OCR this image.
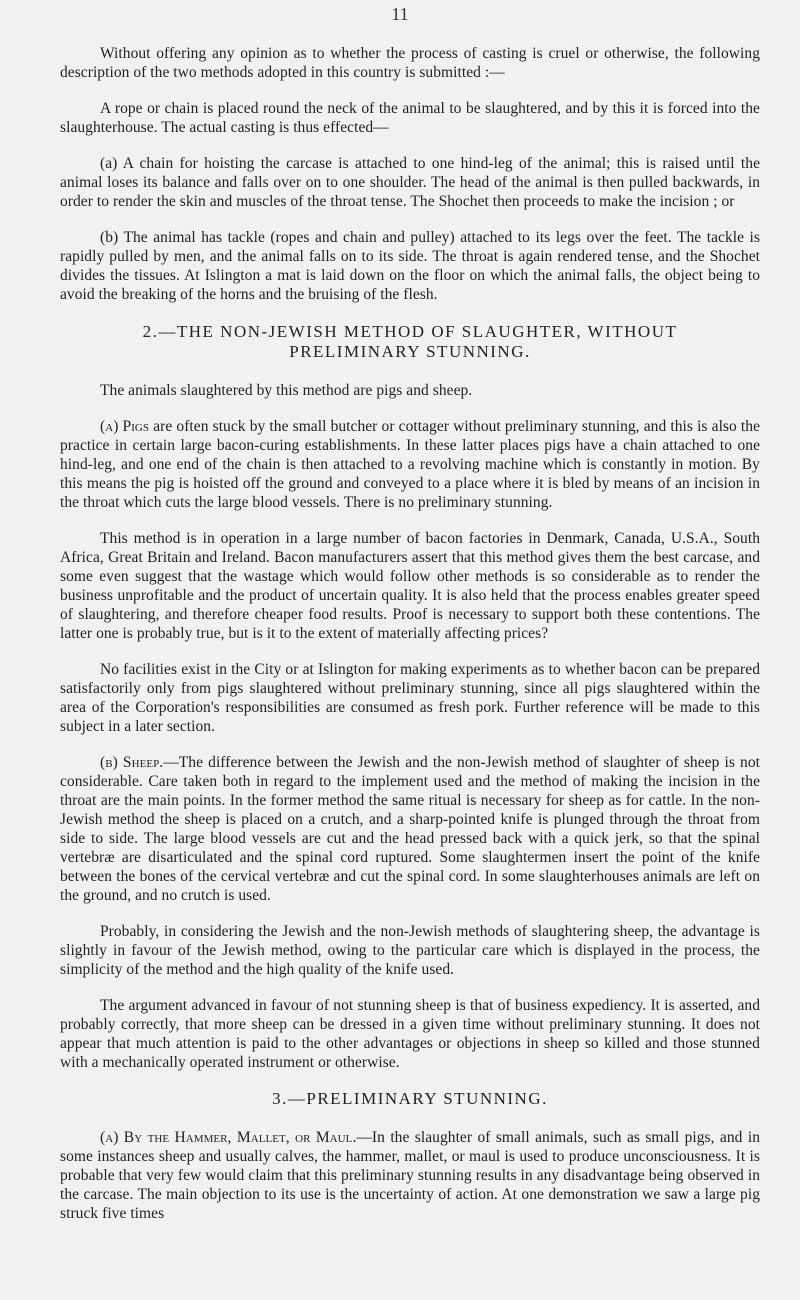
11

Without offering any opinion as to whether the process of casting is cruel or otherwise, the following description of the two methods adopted in this country is submitted :—

A rope or chain is placed round the neck of the animal to be slaughtered, and by this it is forced into the slaughterhouse. The actual casting is thus effected—

(a) A chain for hoisting the carcase is attached to one hind-leg of the animal; this is raised until the animal loses its balance and falls over on to one shoulder. The head of the animal is then pulled backwards, in order to render the skin and muscles of the throat tense. The Shochet then proceeds to make the incision ; or

(b) The animal has tackle (ropes and chain and pulley) attached to its legs over the feet. The tackle is rapidly pulled by men, and the animal falls on to its side. The throat is again rendered tense, and the Shochet divides the tissues. At Islington a mat is laid down on the floor on which the animal falls, the object being to avoid the breaking of the horns and the bruising of the flesh.

2.—THE NON-JEWISH METHOD OF SLAUGHTER, WITHOUT PRELIMINARY STUNNING.

The animals slaughtered by this method are pigs and sheep.

(a) Pigs are often stuck by the small butcher or cottager without preliminary stunning, and this is also the practice in certain large bacon-curing establishments. In these latter places pigs have a chain attached to one hind-leg, and one end of the chain is then attached to a revolving machine which is constantly in motion. By this means the pig is hoisted off the ground and conveyed to a place where it is bled by means of an incision in the throat which cuts the large blood vessels. There is no preliminary stunning.

This method is in operation in a large number of bacon factories in Denmark, Canada, U.S.A., South Africa, Great Britain and Ireland. Bacon manufacturers assert that this method gives them the best carcase, and some even suggest that the wastage which would follow other methods is so considerable as to render the business unprofitable and the product of uncertain quality. It is also held that the process enables greater speed of slaughtering, and therefore cheaper food results. Proof is necessary to support both these contentions. The latter one is probably true, but is it to the extent of materially affecting prices?

No facilities exist in the City or at Islington for making experiments as to whether bacon can be prepared satisfactorily only from pigs slaughtered without preliminary stunning, since all pigs slaughtered within the area of the Corporation's responsibilities are consumed as fresh pork. Further reference will be made to this subject in a later section.

(b) Sheep.—The difference between the Jewish and the non-Jewish method of slaughter of sheep is not considerable. Care taken both in regard to the implement used and the method of making the incision in the throat are the main points. In the former method the same ritual is necessary for sheep as for cattle. In the non-Jewish method the sheep is placed on a crutch, and a sharp-pointed knife is plunged through the throat from side to side. The large blood vessels are cut and the head pressed back with a quick jerk, so that the spinal vertebræ are disarticulated and the spinal cord ruptured. Some slaughtermen insert the point of the knife between the bones of the cervical vertebræ and cut the spinal cord. In some slaughterhouses animals are left on the ground, and no crutch is used.

Probably, in considering the Jewish and the non-Jewish methods of slaughtering sheep, the advantage is slightly in favour of the Jewish method, owing to the particular care which is displayed in the process, the simplicity of the method and the high quality of the knife used.

The argument advanced in favour of not stunning sheep is that of business expediency. It is asserted, and probably correctly, that more sheep can be dressed in a given time without preliminary stunning. It does not appear that much attention is paid to the other advantages or objections in sheep so killed and those stunned with a mechanically operated instrument or otherwise.

3.—PRELIMINARY STUNNING.

(a) By the Hammer, Mallet, or Maul.—In the slaughter of small animals, such as small pigs, and in some instances sheep and usually calves, the hammer, mallet, or maul is used to produce unconsciousness. It is probable that very few would claim that this preliminary stunning results in any disadvantage being observed in the carcase. The main objection to its use is the uncertainty of action. At one demonstration we saw a large pig struck five times
